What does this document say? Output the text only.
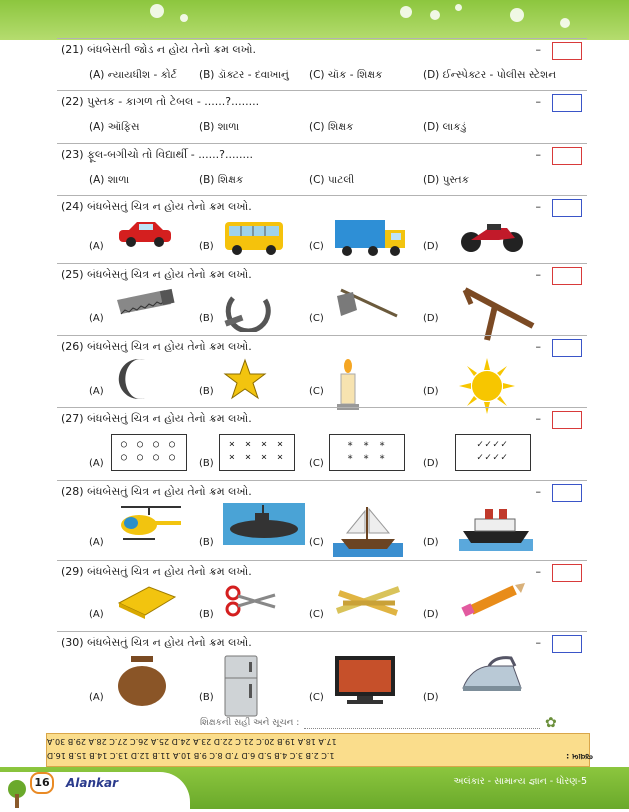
(21) બંધબેસતી જોડ ન હોય તેનો ક્રમ લખો.	–
(A) ન્યાયધીશ - કોર્ટ (B) ડૉક્ટર - દવાખાનું (C) ચૉક - શિક્ષક	(D) ઈન્સ્પેક્ટર - પોલીસ સ્ટેશન
(22) પુસ્તક - કાગળ તો ટેબલ - ......?........	–
(A) ઑફિસ	(B) શાળા	(C) શિક્ષક	(D) લાકડું
(23) ફૂલ-બગીચો તો વિદ્યાર્થી - ......?........	–
(A) શાળા	(B) શિક્ષક	(C) પાટલી	(D) પુસ્તક
(24) બંધબેસતું ચિત્ર ન હોય તેનો ક્રમ લખો.	–
(A)	(B)	(C)	(D)
(25) બંધબેસતું ચિત્ર ન હોય તેનો ક્રમ લખો.	–
(A)	(B)	(C)	(D)
(26) બંધબેસતું ચિત્ર ન હોય તેનો ક્રમ લખો.	–
(A)	(B)	(C)	(D)
(27) બંધબેસતું ચિત્ર ન હોય તેનો ક્રમ લખો.	–
(A)	(B)	(C)	(D)
○ ○ ○ ○
○ ○ ○ ○
× × × ×
× × × ×
∗ ∗ ∗
∗ ∗ ∗
✓✓✓✓
✓✓✓✓
(28) બંધબેસતું ચિત્ર ન હોય તેનો ક્રમ લખો.	–
(A)	(B)	(C)	(D)
(29) બંધબેસતું ચિત્ર ન હોય તેનો ક્રમ લખો.	–
(A)	(B)	(C)	(D)
(30) બંધબેસતું ચિત્ર ન હોય તેનો ક્રમ લખો.	–
(A)	(B)	(C)	(D)
શિક્ષકની સહી અને સૂચન :	✿
17.A 18.A 19.B 20.C 21.C 22.D 23.A 24.D 25.A 26.C 27.C 28.A 29.B 30.A
1.C 2.B 3.C 4.B 5.D 6.D 7.D 8.C 9.B 10.A 11.B 12.D 13.C 14.B 15.B 16.D	જવાબ :
16	Alankar	અલંકાર - સામાન્ય જ્ઞાન - ધોરણ-5
